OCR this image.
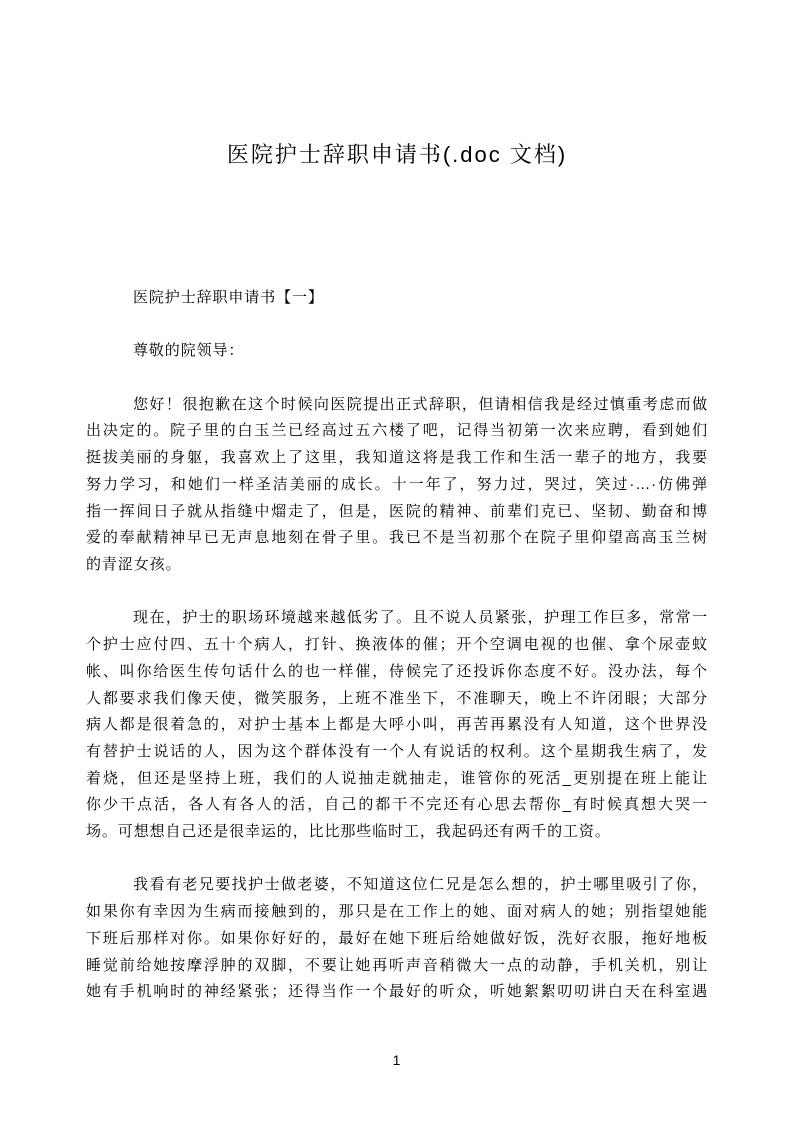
医院护士辞职申请书(.doc 文档)
医院护士辞职申请书【一】
尊敬的院领导：
您好！很抱歉在这个时候向医院提出正式辞职，但请相信我是经过慎重考虑而做
出决定的。院子里的白玉兰已经高过五六楼了吧，记得当初第一次来应聘，看到她们
挺拔美丽的身躯，我喜欢上了这里，我知道这将是我工作和生活一辈子的地方，我要
努力学习，和她们一样圣洁美丽的成长。十一年了，努力过，哭过，笑过·…·仿佛弹
指一挥间日子就从指缝中熘走了，但是，医院的精神、前辈们克已、坚韧、勤奋和博
爱的奉献精神早已无声息地刻在骨子里。我已不是当初那个在院子里仰望高高玉兰树
的青涩女孩。
现在，护士的职场环境越来越低劣了。且不说人员紧张，护理工作巨多，常常一
个护士应付四、五十个病人，打针、换液体的催；开个空调电视的也催、拿个尿壶蚊
帐、叫你给医生传句话什么的也一样催，侍候完了还投诉你态度不好。没办法，每个
人都要求我们像天使，微笑服务，上班不准坐下，不准聊天，晚上不许闭眼；大部分
病人都是很着急的，对护士基本上都是大呼小叫，再苦再累没有人知道，这个世界没
有替护士说话的人，因为这个群体没有一个人有说话的权利。这个星期我生病了，发
着烧，但还是坚持上班，我们的人说抽走就抽走，谁管你的死活_更别提在班上能让
你少干点活，各人有各人的活，自己的都干不完还有心思去帮你_有时候真想大哭一
场。可想想自己还是很幸运的，比比那些临时工，我起码还有两千的工资。
我看有老兄要找护士做老婆，不知道这位仁兄是怎么想的，护士哪里吸引了你，
如果你有幸因为生病而接触到的，那只是在工作上的她、面对病人的她；别指望她能
下班后那样对你。如果你好好的，最好在她下班后给她做好饭，洗好衣服，拖好地板
睡觉前给她按摩浮肿的双脚，不要让她再听声音稍微大一点的动静，手机关机，别让
她有手机响时的神经紧张；还得当作一个最好的听众，听她絮絮叨叨讲白天在科室遇
1
